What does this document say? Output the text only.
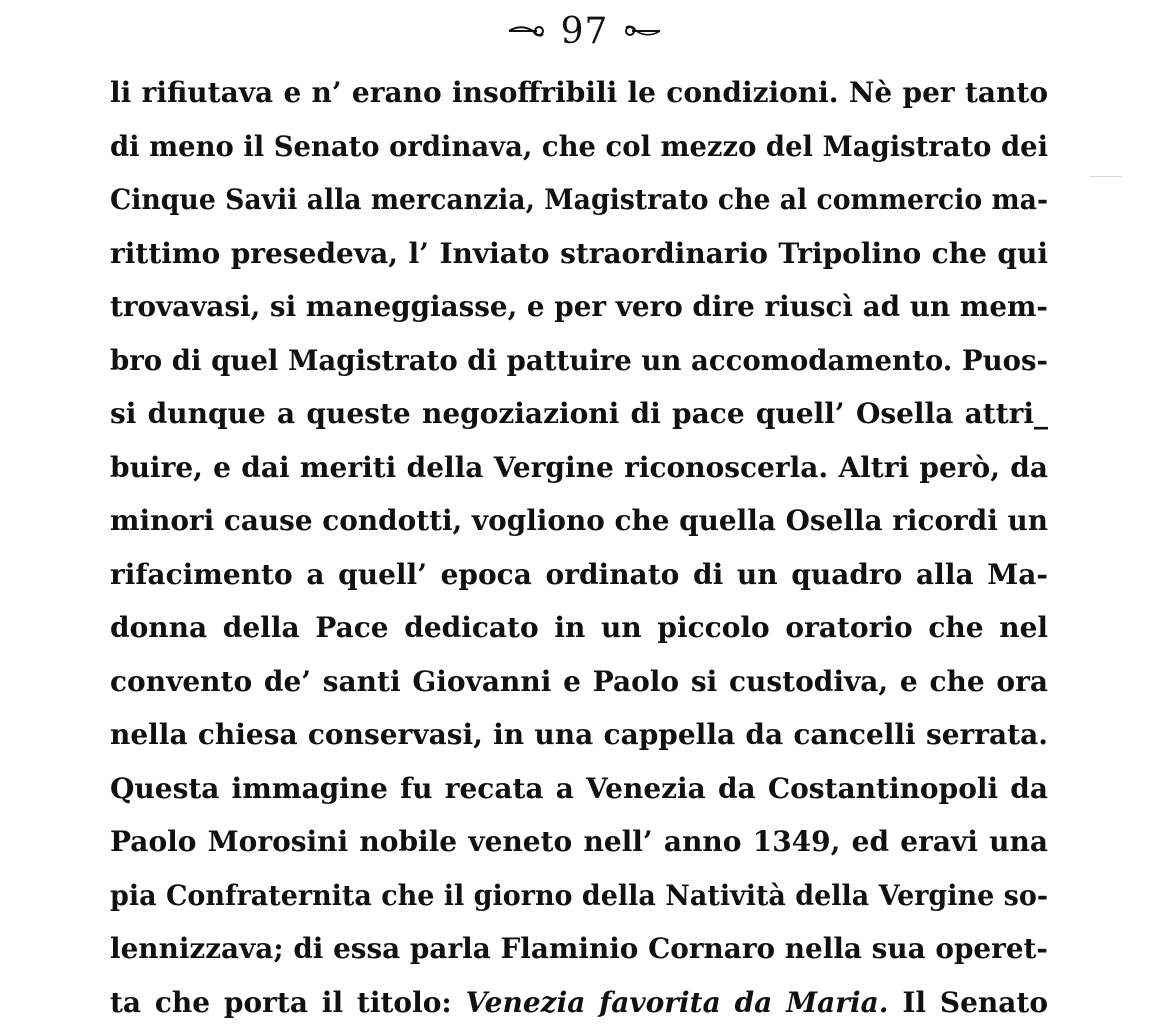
97
li rifiutava e n’ erano insoffribili le condizioni. Nè per tanto
di meno il Senato ordinava, che col mezzo del Magistrato dei
Cinque Savii alla mercanzia, Magistrato che al commercio ma-
rittimo presedeva, l’ Inviato straordinario Tripolino che qui
trovavasi, si maneggiasse, e per vero dire riuscì ad un mem-
bro di quel Magistrato di pattuire un accomodamento. Puos-
si dunque a queste negoziazioni di pace quell’ Osella attri_
buire, e dai meriti della Vergine riconoscerla. Altri però, da
minori cause condotti, vogliono che quella Osella ricordi un
rifacimento a quell’ epoca ordinato di un quadro alla Ma-
donna della Pace dedicato in un piccolo oratorio che nel
convento de’ santi Giovanni e Paolo si custodiva, e che ora
nella chiesa conservasi, in una cappella da cancelli serrata.
Questa immagine fu recata a Venezia da Costantinopoli da
Paolo Morosini nobile veneto nell’ anno 1349, ed eravi una
pia Confraternita che il giorno della Natività della Vergine so-
lennizzava; di essa parla Flaminio Cornaro nella sua operet-
ta che porta il titolo: Venezia favorita da Maria. Il Senato
